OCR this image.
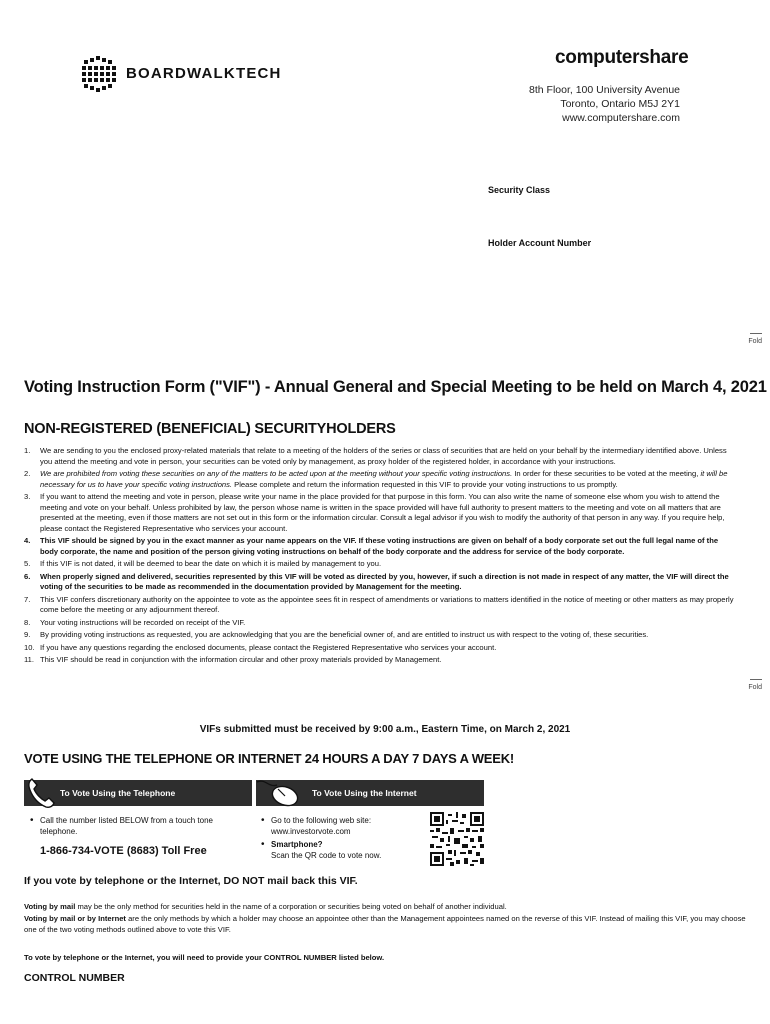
BOARDWALKTECH
computershare
8th Floor, 100 University Avenue
Toronto, Ontario M5J 2Y1
www.computershare.com
Security Class
Holder Account Number
Fold
Voting Instruction Form ("VIF") - Annual General and Special Meeting to be held on March 4, 2021
NON-REGISTERED (BENEFICIAL) SECURITYHOLDERS
1. We are sending to you the enclosed proxy-related materials that relate to a meeting of the holders of the series or class of securities that are held on your behalf by the intermediary identified above. Unless you attend the meeting and vote in person, your securities can be voted only by management, as proxy holder of the registered holder, in accordance with your instructions.
2. We are prohibited from voting these securities on any of the matters to be acted upon at the meeting without your specific voting instructions. In order for these securities to be voted at the meeting, it will be necessary for us to have your specific voting instructions. Please complete and return the information requested in this VIF to provide your voting instructions to us promptly.
3. If you want to attend the meeting and vote in person, please write your name in the place provided for that purpose in this form. You can also write the name of someone else whom you wish to attend the meeting and vote on your behalf. Unless prohibited by law, the person whose name is written in the space provided will have full authority to present matters to the meeting and vote on all matters that are presented at the meeting, even if those matters are not set out in this form or the information circular. Consult a legal advisor if you wish to modify the authority of that person in any way. If you require help, please contact the Registered Representative who services your account.
4. This VIF should be signed by you in the exact manner as your name appears on the VIF. If these voting instructions are given on behalf of a body corporate set out the full legal name of the body corporate, the name and position of the person giving voting instructions on behalf of the body corporate and the address for service of the body corporate.
5. If this VIF is not dated, it will be deemed to bear the date on which it is mailed by management to you.
6. When properly signed and delivered, securities represented by this VIF will be voted as directed by you, however, if such a direction is not made in respect of any matter, the VIF will direct the voting of the securities to be made as recommended in the documentation provided by Management for the meeting.
7. This VIF confers discretionary authority on the appointee to vote as the appointee sees fit in respect of amendments or variations to matters identified in the notice of meeting or other matters as may properly come before the meeting or any adjournment thereof.
8. Your voting instructions will be recorded on receipt of the VIF.
9. By providing voting instructions as requested, you are acknowledging that you are the beneficial owner of, and are entitled to instruct us with respect to the voting of, these securities.
10. If you have any questions regarding the enclosed documents, please contact the Registered Representative who services your account.
11. This VIF should be read in conjunction with the information circular and other proxy materials provided by Management.
Fold
VIFs submitted must be received by 9:00 a.m., Eastern Time, on March 2, 2021
VOTE USING THE TELEPHONE OR INTERNET 24 HOURS A DAY 7 DAYS A WEEK!
To Vote Using the Telephone	To Vote Using the Internet
• Call the number listed BELOW from a touch tone telephone.
1-866-734-VOTE (8683) Toll Free
• Go to the following web site: www.investorvote.com
• Smartphone?
Scan the QR code to vote now.
If you vote by telephone or the Internet, DO NOT mail back this VIF.
Voting by mail may be the only method for securities held in the name of a corporation or securities being voted on behalf of another individual.
Voting by mail or by Internet are the only methods by which a holder may choose an appointee other than the Management appointees named on the reverse of this VIF. Instead of mailing this VIF, you may choose one of the two voting methods outlined above to vote this VIF.
To vote by telephone or the Internet, you will need to provide your CONTROL NUMBER listed below.
CONTROL NUMBER
